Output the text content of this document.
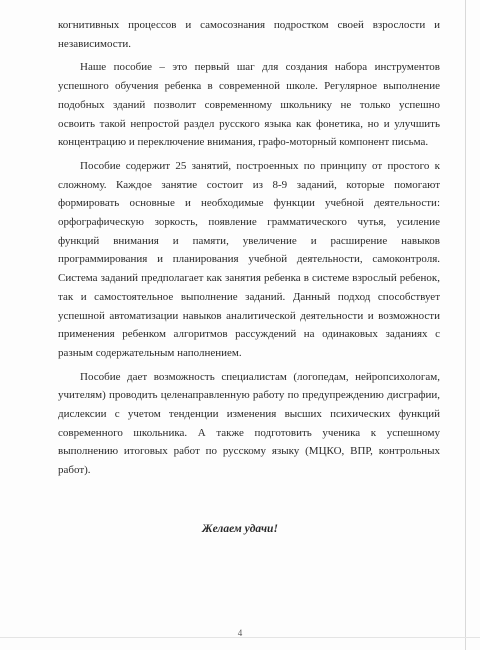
когнитивных процессов и самосознания подростком своей взрослости и
независимости.
Наше пособие – это первый шаг для создания набора инструментов
успешного обучения ребенка в современной школе. Регулярное выполнение
подобных зданий позволит современному школьнику не только успешно
освоить такой непростой раздел русского языка как фонетика, но и улучшить
концентрацию и переключение внимания, графо-моторный компонент письма.
Пособие содержит 25 занятий, построенных по принципу от простого к
сложному. Каждое занятие состоит из 8-9 заданий, которые помогают
формировать основные и необходимые функции учебной деятельности:
орфографическую зоркость, появление грамматического чутья, усиление
функций внимания и памяти, увеличение и расширение навыков
программирования и планирования учебной деятельности, самоконтроля.
Система заданий предполагает как занятия ребенка в системе взрослый ребенок,
так и самостоятельное выполнение заданий. Данный подход способствует
успешной автоматизации навыков аналитической деятельности и возможности
применения ребенком алгоритмов рассуждений на одинаковых заданиях с
разным содержательным наполнением.
Пособие дает возможность специалистам (логопедам, нейропсихологам,
учителям) проводить целенаправленную работу по предупреждению дисграфии,
дислексии с учетом тенденции изменения высших психических функций
современного школьника. А также подготовить ученика к успешному
выполнению итоговых работ по русскому языку (МЦКО, ВПР, контрольных
работ).
Желаем удачи!
4
